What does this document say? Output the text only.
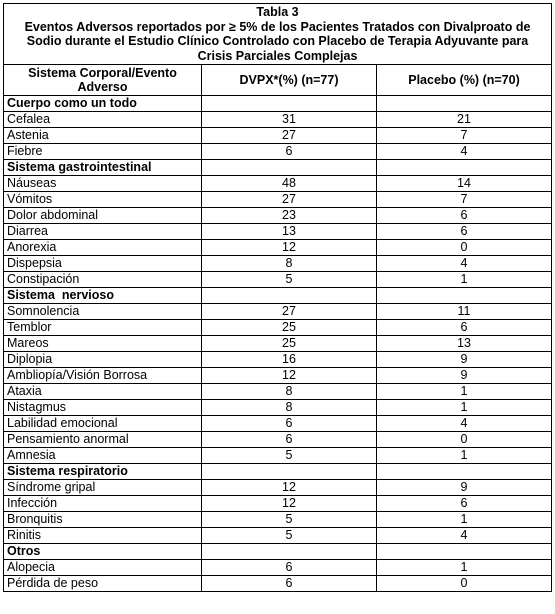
Tabla 3
Eventos Adversos reportados por ≥ 5% de los Pacientes Tratados con Divalproato de Sodio durante el Estudio Clínico Controlado con Placebo de Terapia Adyuvante para Crisis Parciales Complejas		

Sistema Corporal/Evento Adverso	DVPX*(%) (n=77)	Placebo (%) (n=70)
Cuerpo como un todo		
Cefalea	31	21
Astenia	27	7
Fiebre	6	4
Sistema gastrointestinal		
Náuseas	48	14
Vómitos	27	7
Dolor abdominal	23	6
Diarrea	13	6
Anorexia	12	0
Dispepsia	8	4
Constipación	5	1
Sistema  nervioso		
Somnolencia	27	11
Temblor	25	6
Mareos	25	13
Diplopia	16	9
Ambliopía/Visión Borrosa	12	9
Ataxia	8	1
Nistagmus	8	1
Labilidad emocional	6	4
Pensamiento anormal	6	0
Amnesia	5	1
Sistema respiratorio		
Síndrome gripal	12	9
Infección	12	6
Bronquitis	5	1
Rinitis	5	4
Otros		
Alopecia	6	1
Pérdida de peso	6	0
